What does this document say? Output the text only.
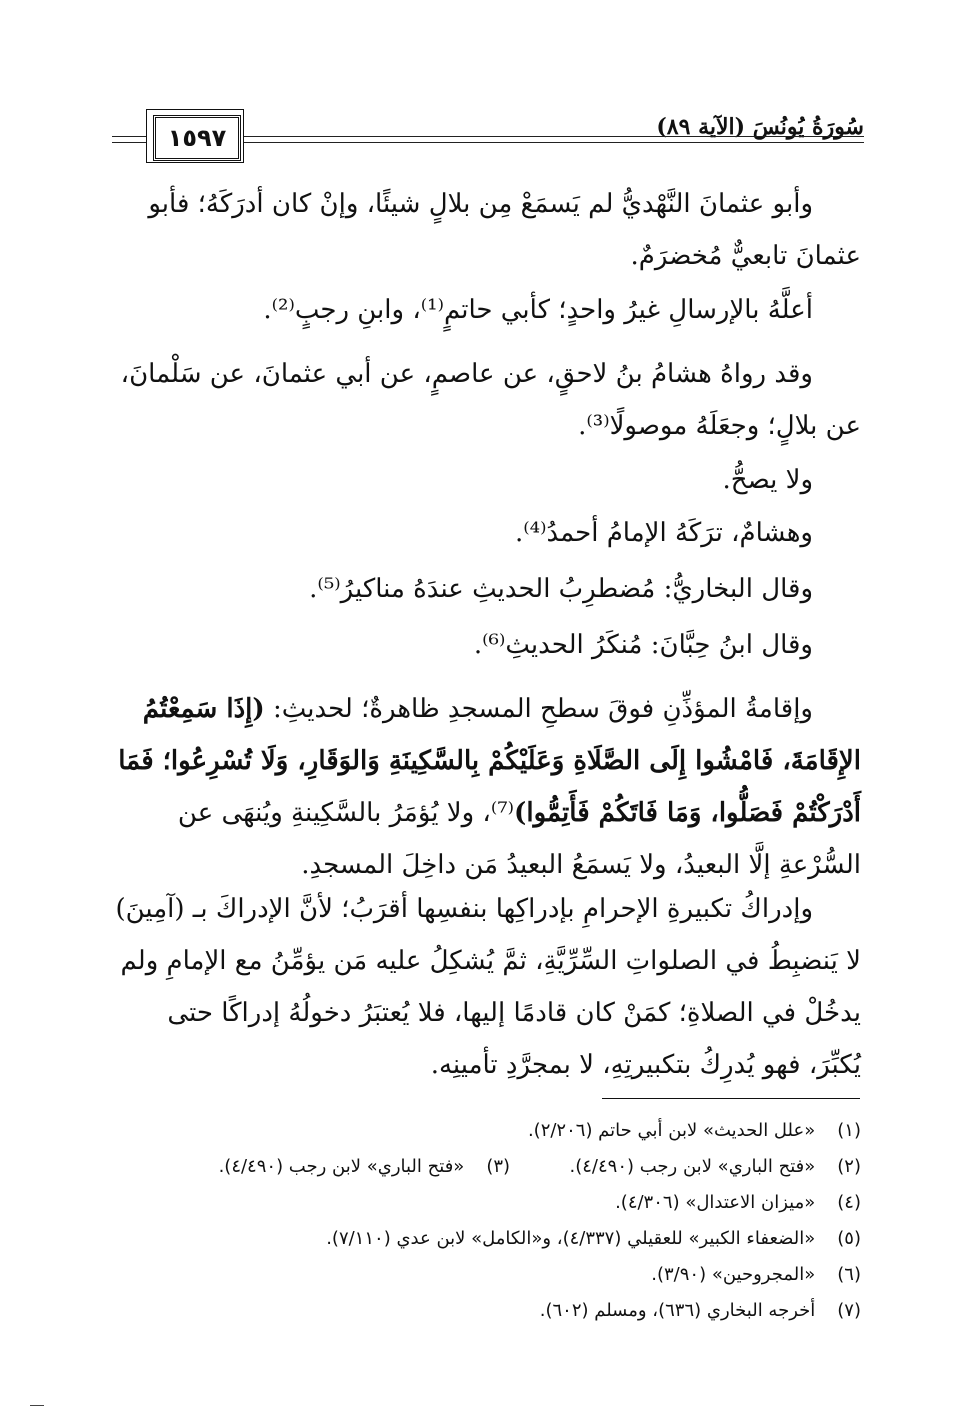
سُورَةُ يُونُسَ (الآية ٨٩)
١٥٩٧

وأبو عثمانَ النَّهْديُّ لم يَسمَعْ مِن بلالٍ شيئًا، وإنْ كان أدرَكَهُ؛ فأبو عثمانَ تابعيٌّ مُخضرَمٌ.

أعلَّهُ بالإرسالِ غيرُ واحدٍ؛ كأبي حاتمٍ⁽¹⁾، وابنِ رجبٍ⁽²⁾.

وقد رواهُ هشامُ بنُ لاحقٍ، عن عاصمٍ، عن أبي عثمانَ، عن سَلْمانَ، عن بلالٍ؛ وجعَلَهُ موصولًا⁽³⁾.

ولا يصحُّ.

وهشامٌ، ترَكَهُ الإمامُ أحمدُ⁽⁴⁾.

وقال البخاريُّ: مُضطرِبُ الحديثِ عندَهُ مناكيرُ⁽⁵⁾.

وقال ابنُ حِبَّانَ: مُنكَرُ الحديثِ⁽⁶⁾.

وإقامةُ المؤذِّنِ فوقَ سطحِ المسجدِ ظاهرةٌ؛ لحديثِ: (إِذَا سَمِعْتُمُ الإِقَامَةَ، فَامْشُوا إِلَى الصَّلَاةِ وَعَلَيْكُمْ بِالسَّكِينَةِ وَالوَقَارِ، وَلَا تُسْرِعُوا؛ فَمَا أَدْرَكْتُمْ فَصَلُّوا، وَمَا فَاتَكُمْ فَأَتِمُّوا)⁽⁷⁾، ولا يُؤمَرُ بالسَّكِينةِ ويُنهَى عن السُّرْعةِ إلَّا البعيدُ، ولا يَسمَعُ البعيدُ مَن داخِلَ المسجدِ.

وإدراكُ تكبيرةِ الإحرامِ بإدراكِها بنفسِها أقرَبُ؛ لأنَّ الإدراكَ بـ (آمِينَ) لا يَنضبِطُ في الصلواتِ السِّرِّيَّةِ، ثمَّ يُشكِلُ عليه مَن يؤمِّنُ مع الإمامِ ولم يدخُلْ في الصلاةِ؛ كمَنْ كان قادمًا إليها، فلا يُعتبَرُ دخولُهُ إدراكًا حتى يُكبِّرَ، فهو يُدرِكُ بتكبيرتِهِ، لا بمجرَّدِ تأمينِه.

(١) «علل الحديث» لابن أبي حاتم (٢/٢٠٦).
(٢) «فتح الباري» لابن رجب (٤/٤٩٠).  (٣) «فتح الباري» لابن رجب (٤/٤٩٠).
(٤) «ميزان الاعتدال» (٤/٣٠٦).
(٥) «الضعفاء الكبير» للعقيلي (٤/٣٣٧)، و«الكامل» لابن عدي (٧/١١٠).
(٦) «المجروحين» (٣/٩٠).
(٧) أخرجه البخاري (٦٣٦)، ومسلم (٦٠٢).
